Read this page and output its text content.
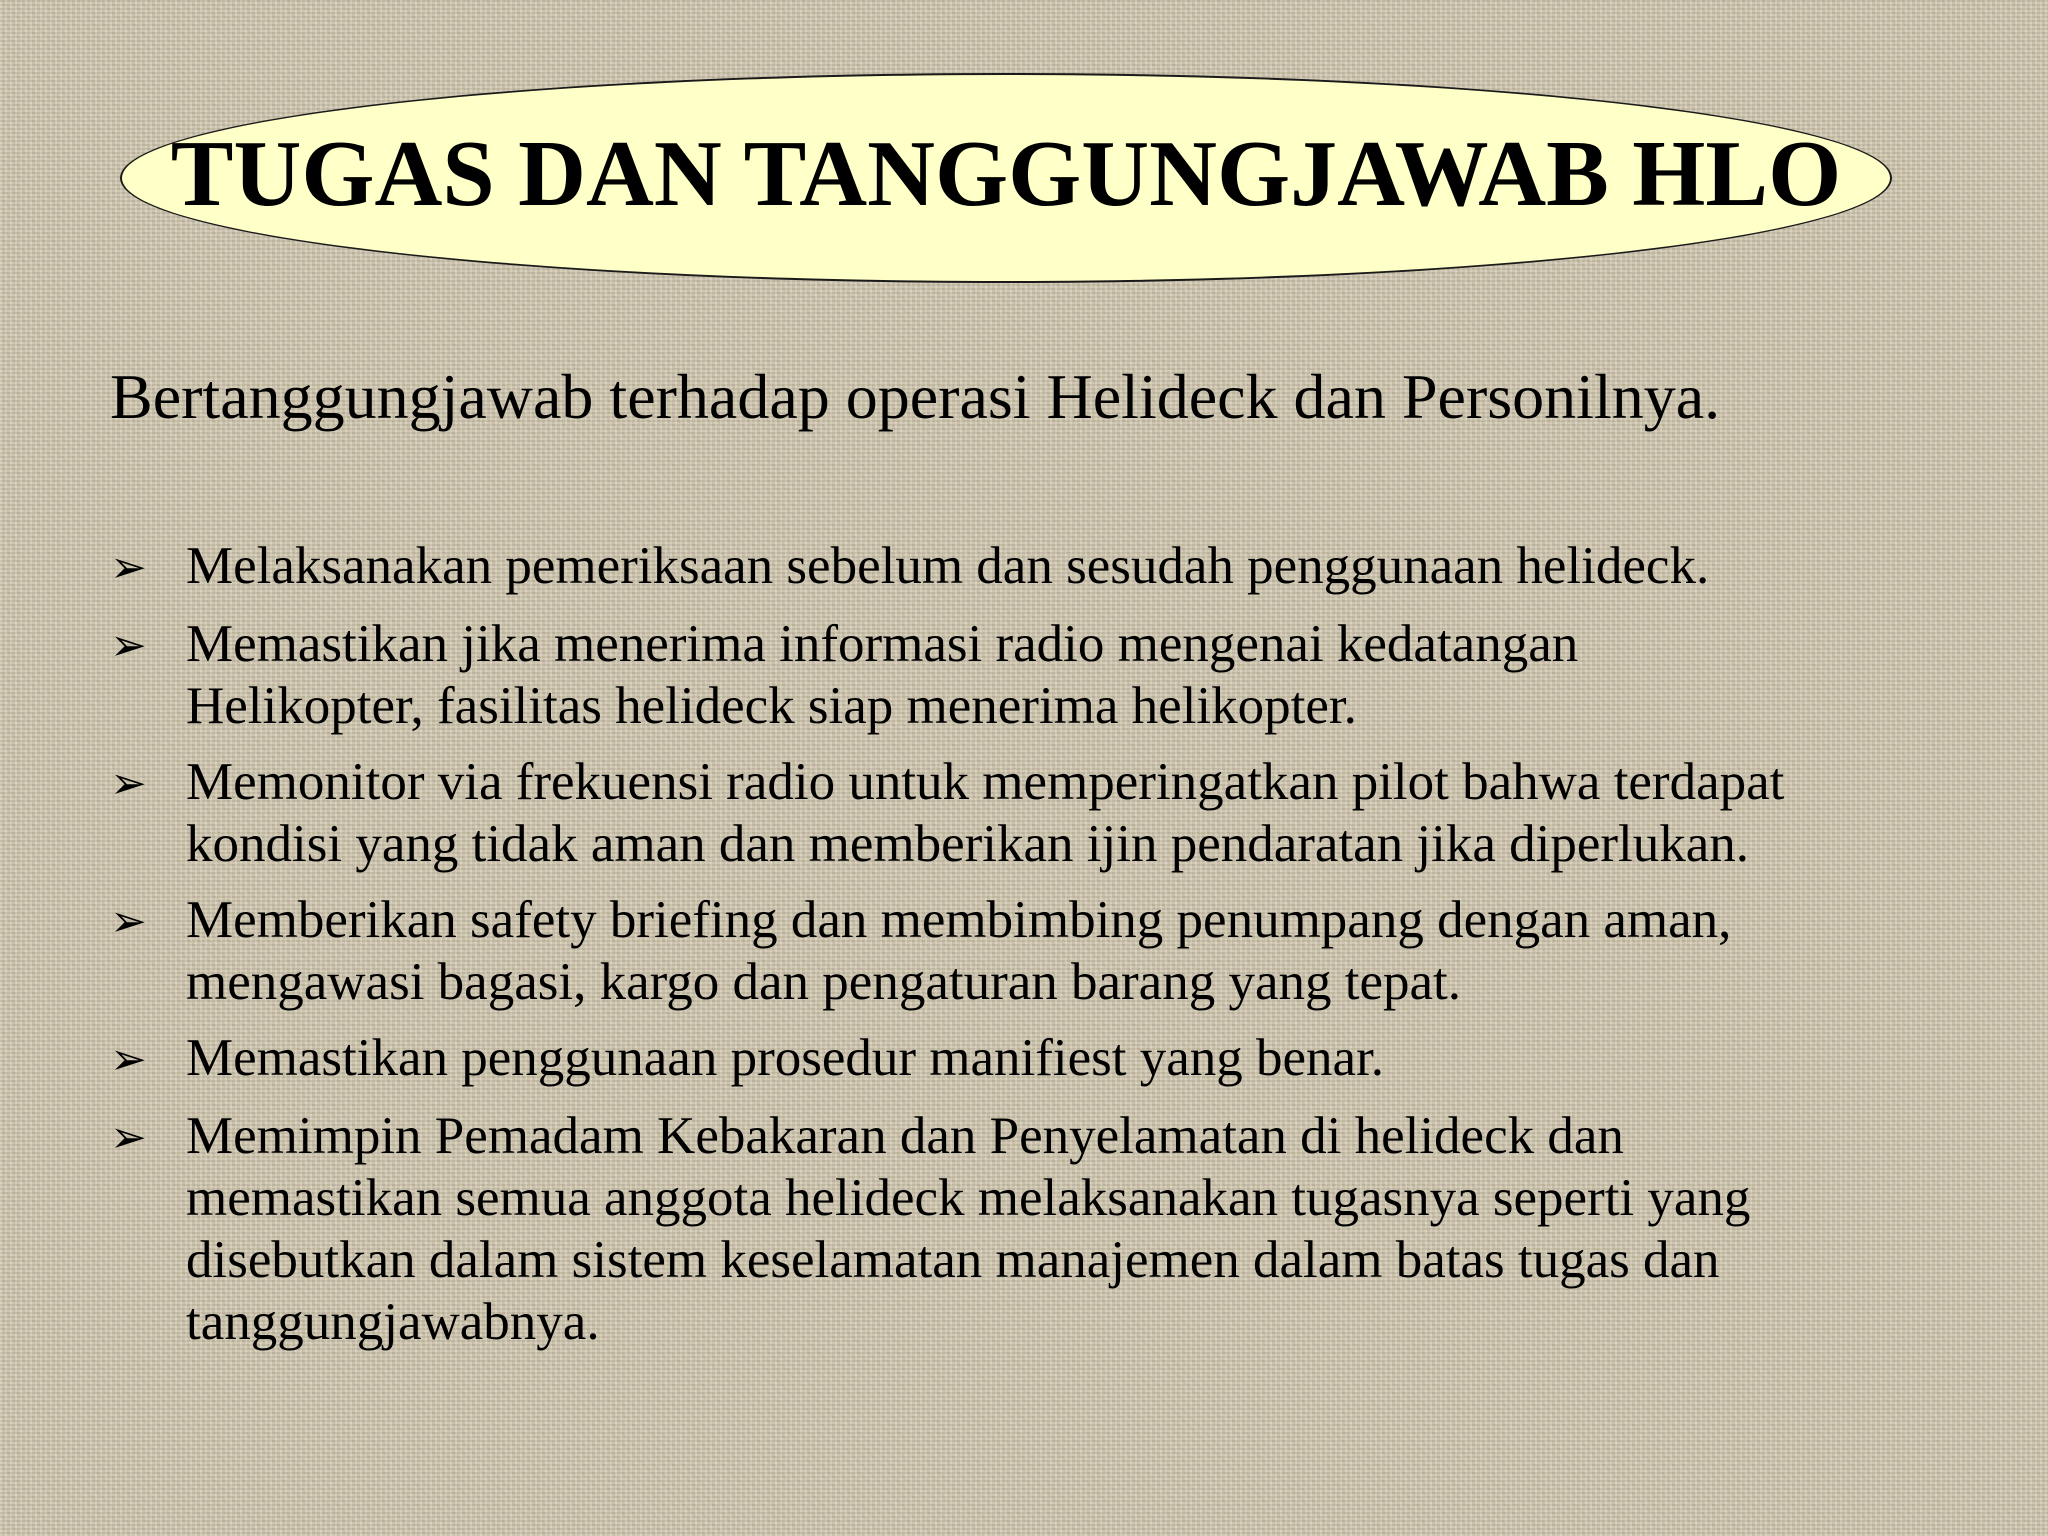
TUGAS DAN TANGGUNGJAWAB HLO
Bertanggungjawab terhadap operasi Helideck dan Personilnya.
➢ Melaksanakan pemeriksaan sebelum dan sesudah penggunaan helideck.
➢ Memastikan jika menerima informasi radio mengenai kedatangan
Helikopter, fasilitas helideck siap menerima helikopter.
➢ Memonitor via frekuensi radio untuk memperingatkan pilot bahwa terdapat
kondisi yang tidak aman dan memberikan ijin pendaratan jika diperlukan.
➢ Memberikan safety briefing dan membimbing penumpang dengan aman,
mengawasi bagasi, kargo dan pengaturan barang yang tepat.
➢ Memastikan penggunaan prosedur manifiest yang benar.
➢ Memimpin Pemadam Kebakaran dan Penyelamatan di helideck dan
memastikan semua anggota helideck melaksanakan tugasnya seperti yang
disebutkan dalam sistem keselamatan manajemen dalam batas tugas dan
tanggungjawabnya.
